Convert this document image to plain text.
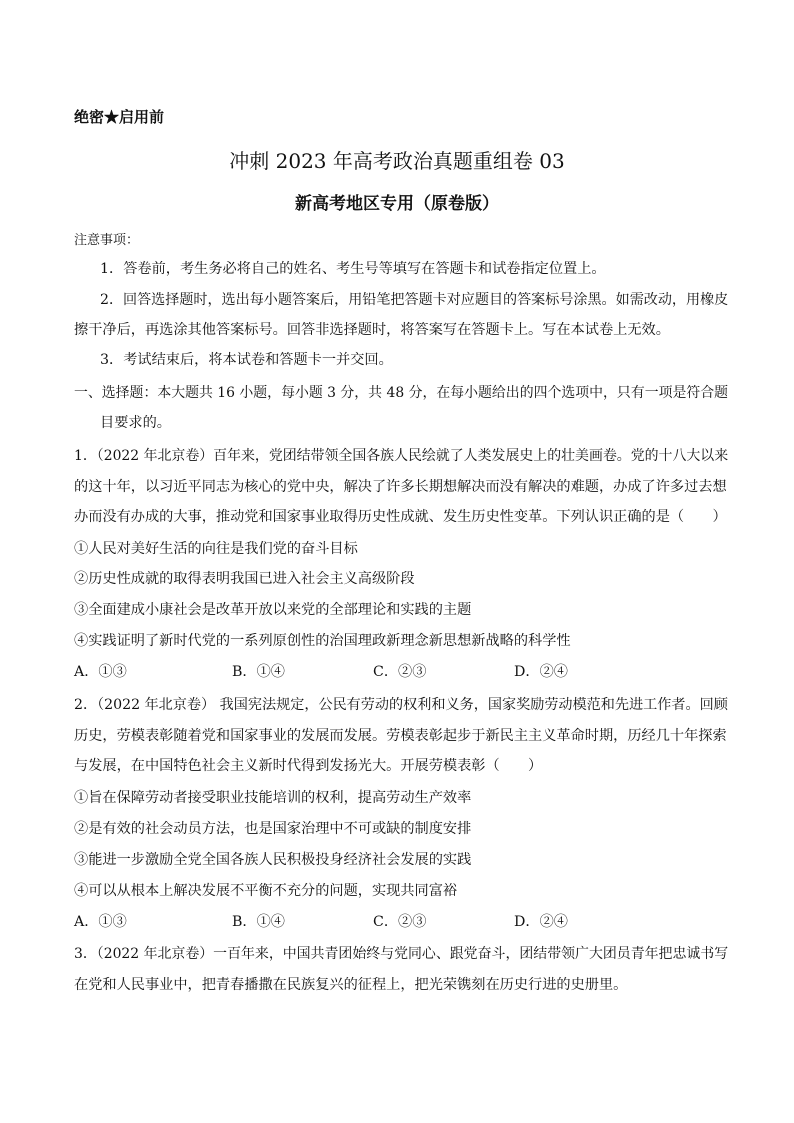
绝密★启用前
冲刺 2023 年高考政治真题重组卷 03
新高考地区专用（原卷版）
注意事项：
1．答卷前，考生务必将自己的姓名、考生号等填写在答题卡和试卷指定位置上。
2．回答选择题时，选出每小题答案后，用铅笔把答题卡对应题目的答案标号涂黑。如需改动，用橡皮
擦干净后，再选涂其他答案标号。回答非选择题时，将答案写在答题卡上。写在本试卷上无效。
3．考试结束后，将本试卷和答题卡一并交回。
一、选择题：本大题共 16 小题，每小题 3 分，共 48 分，在每小题给出的四个选项中，只有一项是符合题
目要求的。
1．（2022 年北京卷）百年来，党团结带领全国各族人民绘就了人类发展史上的壮美画卷。党的十八大以来
的这十年，以习近平同志为核心的党中央，解决了许多长期想解决而没有解决的难题，办成了许多过去想
办而没有办成的大事，推动党和国家事业取得历史性成就、发生历史性变革。下列认识正确的是（　　）
①人民对美好生活的向往是我们党的奋斗目标
②历史性成就的取得表明我国已进入社会主义高级阶段
③全面建成小康社会是改革开放以来党的全部理论和实践的主题
④实践证明了新时代党的一系列原创性的治国理政新理念新思想新战略的科学性
A．①③	B．①④	C．②③	D．②④
2．（2022 年北京卷） 我国宪法规定，公民有劳动的权利和义务，国家奖励劳动模范和先进工作者。回顾
历史，劳模表彰随着党和国家事业的发展而发展。劳模表彰起步于新民主主义革命时期，历经几十年探索
与发展，在中国特色社会主义新时代得到发扬光大。开展劳模表彰（　　）
①旨在保障劳动者接受职业技能培训的权利，提高劳动生产效率
②是有效的社会动员方法，也是国家治理中不可或缺的制度安排
③能进一步激励全党全国各族人民积极投身经济社会发展的实践
④可以从根本上解决发展不平衡不充分的问题，实现共同富裕
A．①③	B．①④	C．②③	D．②④
3．（2022 年北京卷）一百年来，中国共青团始终与党同心、跟党奋斗，团结带领广大团员青年把忠诚书写
在党和人民事业中，把青春播撒在民族复兴的征程上，把光荣镌刻在历史行进的史册里。
